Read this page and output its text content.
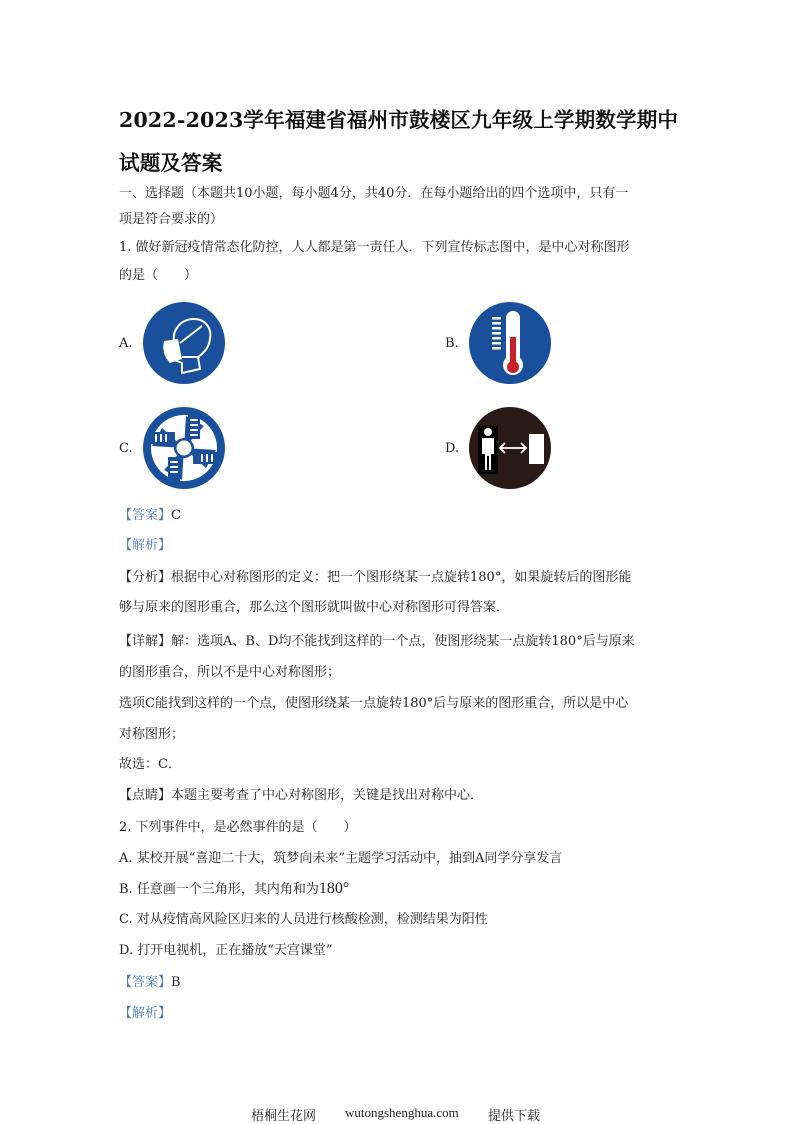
2022-2023学年福建省福州市鼓楼区九年级上学期数学期中
试题及答案
一、选择题（本题共10小题，每小题4分，共40分．在每小题给出的四个选项中，只有一
项是符合要求的）
1. 做好新冠疫情常态化防控，人人都是第一责任人．下列宣传标志图中，是中心对称图形
的是（　　）
A.	B.
C.	D.
【答案】C
【解析】
【分析】根据中心对称图形的定义：把一个图形绕某一点旋转180°，如果旋转后的图形能
够与原来的图形重合，那么这个图形就叫做中心对称图形可得答案．
【详解】解：选项A、B、D均不能找到这样的一个点，使图形绕某一点旋转180°后与原来
的图形重合，所以不是中心对称图形；
选项C能找到这样的一个点，使图形绕某一点旋转180°后与原来的图形重合，所以是中心
对称图形；
故选：C．
【点睛】本题主要考查了中心对称图形，关键是找出对称中心．
2. 下列事件中，是必然事件的是（　　）
A. 某校开展“喜迎二十大，筑梦向未来”主题学习活动中，抽到A同学分享发言
B. 任意画一个三角形，其内角和为180°
C. 对从疫情高风险区归来的人员进行核酸检测，检测结果为阳性
D. 打开电视机，正在播放“天宫课堂”
【答案】B
【解析】
梧桐生花网 wutongshenghua.com 提供下载
